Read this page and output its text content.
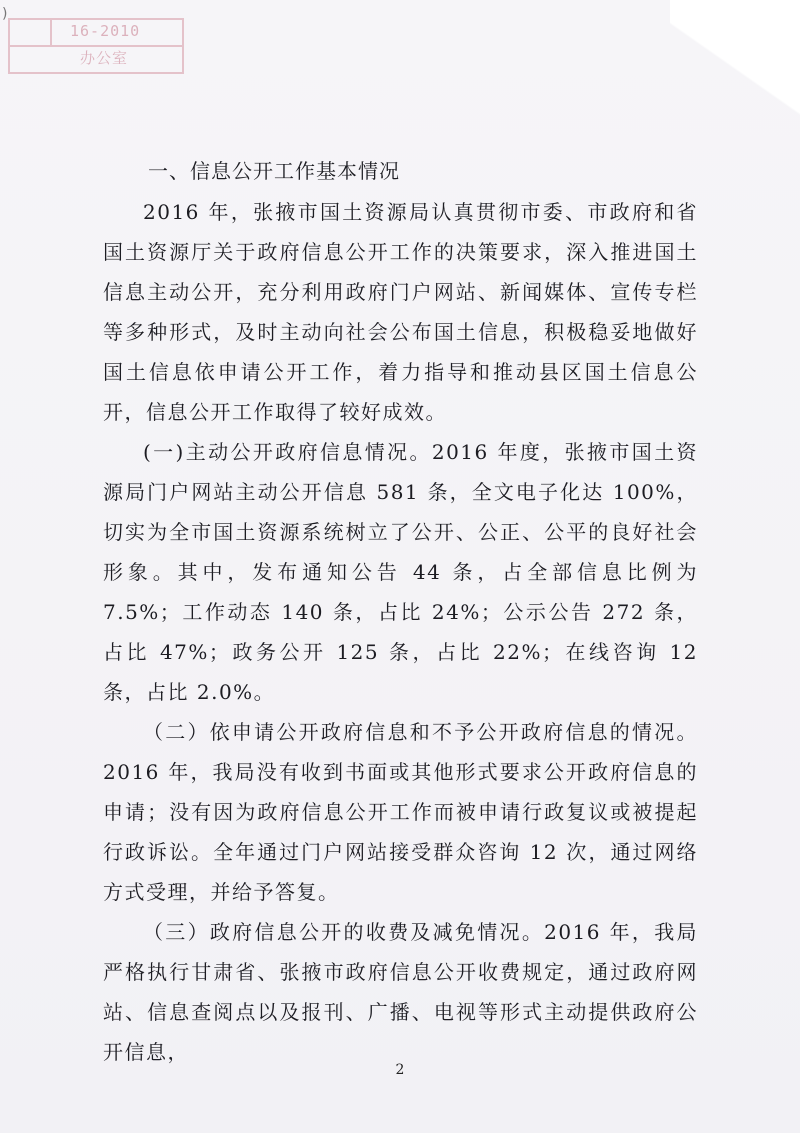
)
16-2010
办公室
一、信息公开工作基本情况

2016 年，张掖市国土资源局认真贯彻市委、市政府和省国土资源厅关于政府信息公开工作的决策要求，深入推进国土信息主动公开，充分利用政府门户网站、新闻媒体、宣传专栏等多种形式，及时主动向社会公布国土信息，积极稳妥地做好国土信息依申请公开工作，着力指导和推动县区国土信息公开，信息公开工作取得了较好成效。

(一)主动公开政府信息情况。2016 年度，张掖市国土资源局门户网站主动公开信息 581 条，全文电子化达 100%，切实为全市国土资源系统树立了公开、公正、公平的良好社会形象。其中，发布通知公告 44 条，占全部信息比例为 7.5%；工作动态 140 条，占比 24%；公示公告 272 条，占比 47%；政务公开 125 条，占比 22%；在线咨询 12 条，占比 2.0%。

（二）依申请公开政府信息和不予公开政府信息的情况。2016 年，我局没有收到书面或其他形式要求公开政府信息的申请；没有因为政府信息公开工作而被申请行政复议或被提起行政诉讼。全年通过门户网站接受群众咨询 12 次，通过网络方式受理，并给予答复。

（三）政府信息公开的收费及减免情况。2016 年，我局严格执行甘肃省、张掖市政府信息公开收费规定，通过政府网站、信息查阅点以及报刊、广播、电视等形式主动提供政府公开信息，

2
